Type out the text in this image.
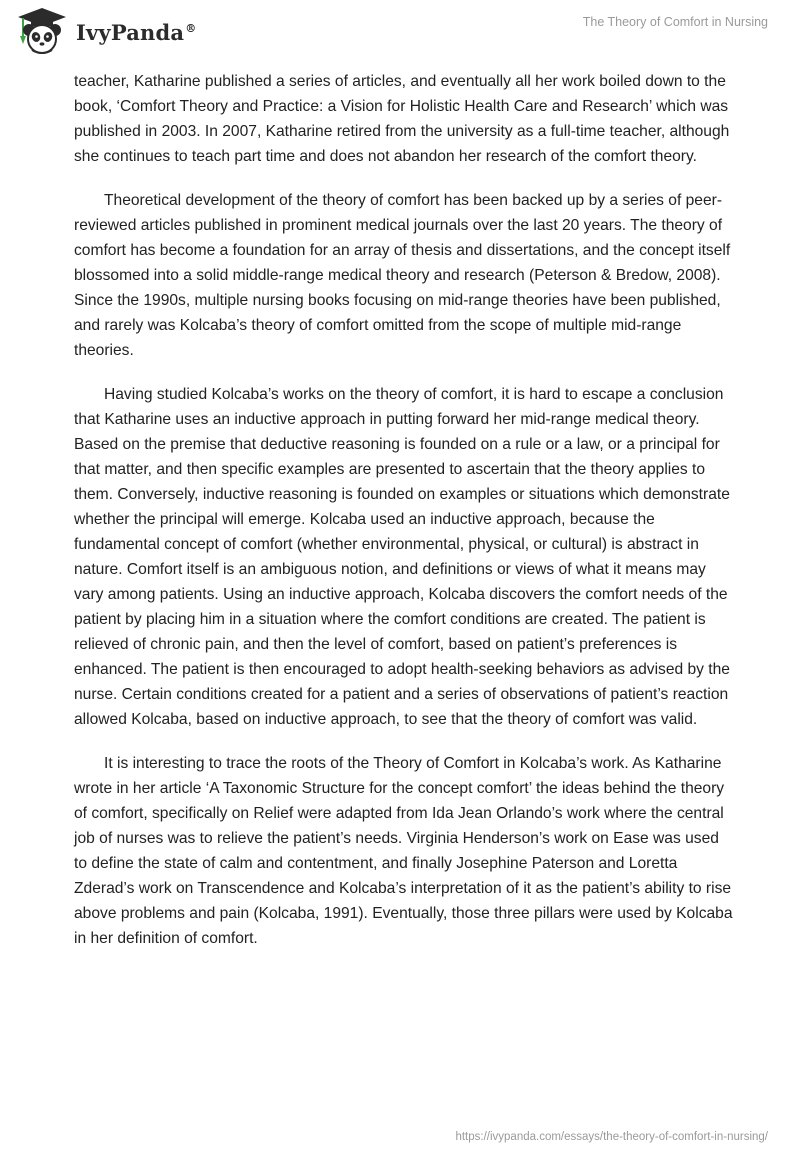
IvyPanda®	The Theory of Comfort in Nursing

teacher, Katharine published a series of articles, and eventually all her work boiled down to the book, ‘Comfort Theory and Practice: a Vision for Holistic Health Care and Research’ which was published in 2003. In 2007, Katharine retired from the university as a full-time teacher, although she continues to teach part time and does not abandon her research of the comfort theory.

Theoretical development of the theory of comfort has been backed up by a series of peer-reviewed articles published in prominent medical journals over the last 20 years. The theory of comfort has become a foundation for an array of thesis and dissertations, and the concept itself blossomed into a solid middle-range medical theory and research (Peterson & Bredow, 2008). Since the 1990s, multiple nursing books focusing on mid-range theories have been published, and rarely was Kolcaba’s theory of comfort omitted from the scope of multiple mid-range theories.

Having studied Kolcaba’s works on the theory of comfort, it is hard to escape a conclusion that Katharine uses an inductive approach in putting forward her mid-range medical theory. Based on the premise that deductive reasoning is founded on a rule or a law, or a principal for that matter, and then specific examples are presented to ascertain that the theory applies to them. Conversely, inductive reasoning is founded on examples or situations which demonstrate whether the principal will emerge. Kolcaba used an inductive approach, because the fundamental concept of comfort (whether environmental, physical, or cultural) is abstract in nature. Comfort itself is an ambiguous notion, and definitions or views of what it means may vary among patients. Using an inductive approach, Kolcaba discovers the comfort needs of the patient by placing him in a situation where the comfort conditions are created. The patient is relieved of chronic pain, and then the level of comfort, based on patient’s preferences is enhanced. The patient is then encouraged to adopt health-seeking behaviors as advised by the nurse. Certain conditions created for a patient and a series of observations of patient’s reaction allowed Kolcaba, based on inductive approach, to see that the theory of comfort was valid.

It is interesting to trace the roots of the Theory of Comfort in Kolcaba’s work. As Katharine wrote in her article ‘A Taxonomic Structure for the concept comfort’ the ideas behind the theory of comfort, specifically on Relief were adapted from Ida Jean Orlando’s work where the central job of nurses was to relieve the patient’s needs. Virginia Henderson’s work on Ease was used to define the state of calm and contentment, and finally Josephine Paterson and Loretta Zderad’s work on Transcendence and Kolcaba’s interpretation of it as the patient’s ability to rise above problems and pain (Kolcaba, 1991). Eventually, those three pillars were used by Kolcaba in her definition of comfort.

https://ivypanda.com/essays/the-theory-of-comfort-in-nursing/
